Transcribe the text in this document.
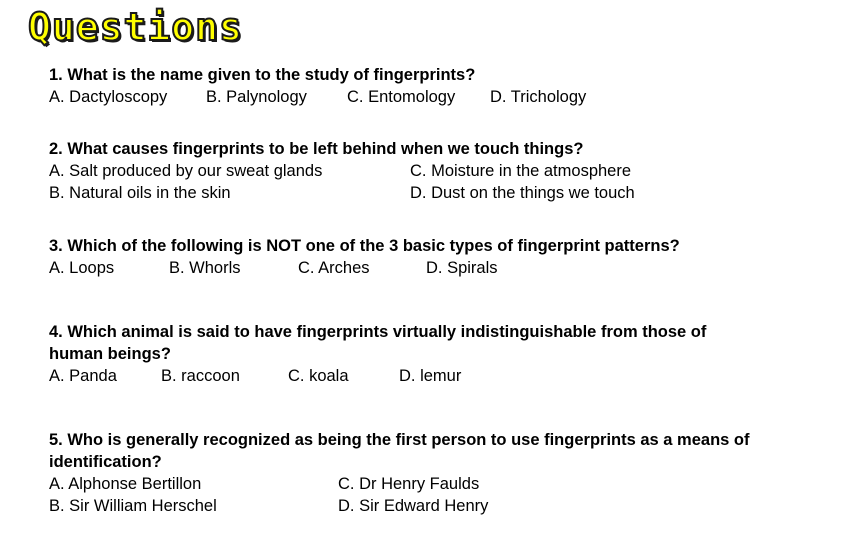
Questions
1. What is the name given to the study of fingerprints?
A. Dactyloscopy B. Palynology C. Entomology D. Trichology
2. What causes fingerprints to be left behind when we touch things?
A. Salt produced by our sweat glands	C. Moisture in the atmosphere
B. Natural oils in the skin	D. Dust on the things we touch
3. Which of the following is NOT one of the 3 basic types of fingerprint patterns?
A. Loops	B. Whorls	C. Arches	D. Spirals
4. Which animal is said to have fingerprints virtually indistinguishable from those of
human beings?
A. Panda	B. raccoon	C. koala	D. lemur
5. Who is generally recognized as being the first person to use fingerprints as a means of
identification?
A. Alphonse Bertillon	C. Dr Henry Faulds
B. Sir William Herschel	D. Sir Edward Henry
